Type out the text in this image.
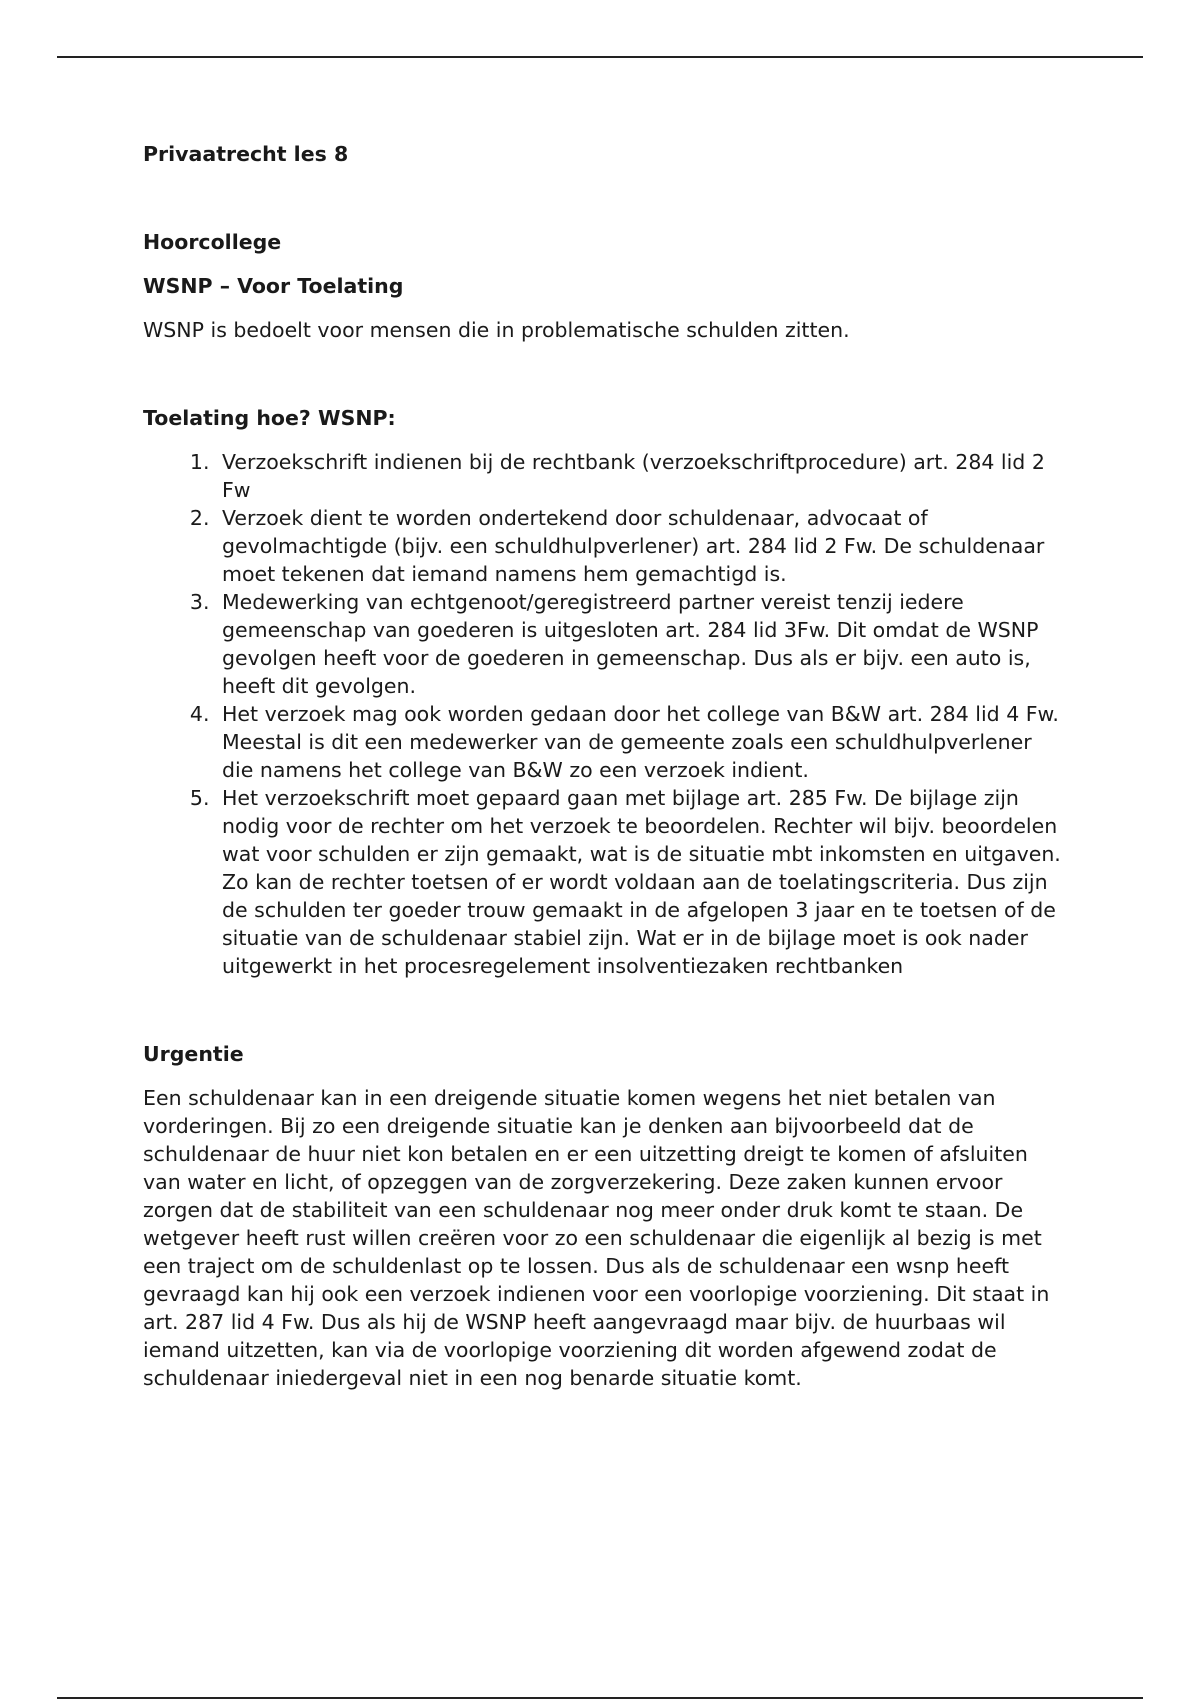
Privaatrecht les 8

Hoorcollege

WSNP – Voor Toelating

WSNP is bedoelt voor mensen die in problematische schulden zitten.

Toelating hoe? WSNP:

1. Verzoekschrift indienen bij de rechtbank (verzoekschriftprocedure) art. 284 lid 2 Fw
2. Verzoek dient te worden ondertekend door schuldenaar, advocaat of gevolmachtigde (bijv. een schuldhulpverlener) art. 284 lid 2 Fw. De schuldenaar moet tekenen dat iemand namens hem gemachtigd is.
3. Medewerking van echtgenoot/geregistreerd partner vereist tenzij iedere gemeenschap van goederen is uitgesloten art. 284 lid 3Fw. Dit omdat de WSNP gevolgen heeft voor de goederen in gemeenschap. Dus als er bijv. een auto is, heeft dit gevolgen.
4. Het verzoek mag ook worden gedaan door het college van B&W art. 284 lid 4 Fw. Meestal is dit een medewerker van de gemeente zoals een schuldhulpverlener die namens het college van B&W zo een verzoek indient.
5. Het verzoekschrift moet gepaard gaan met bijlage art. 285 Fw. De bijlage zijn nodig voor de rechter om het verzoek te beoordelen. Rechter wil bijv. beoordelen wat voor schulden er zijn gemaakt, wat is de situatie mbt inkomsten en uitgaven. Zo kan de rechter toetsen of er wordt voldaan aan de toelatingscriteria. Dus zijn de schulden ter goeder trouw gemaakt in de afgelopen 3 jaar en te toetsen of de situatie van de schuldenaar stabiel zijn. Wat er in de bijlage moet is ook nader uitgewerkt in het procesregelement insolventiezaken rechtbanken

Urgentie

Een schuldenaar kan in een dreigende situatie komen wegens het niet betalen van vorderingen. Bij zo een dreigende situatie kan je denken aan bijvoorbeeld dat de schuldenaar de huur niet kon betalen en er een uitzetting dreigt te komen of afsluiten van water en licht, of opzeggen van de zorgverzekering. Deze zaken kunnen ervoor zorgen dat de stabiliteit van een schuldenaar nog meer onder druk komt te staan. De wetgever heeft rust willen creëren voor zo een schuldenaar die eigenlijk al bezig is met een traject om de schuldenlast op te lossen. Dus als de schuldenaar een wsnp heeft gevraagd kan hij ook een verzoek indienen voor een voorlopige voorziening. Dit staat in art. 287 lid 4 Fw. Dus als hij de WSNP heeft aangevraagd maar bijv. de huurbaas wil iemand uitzetten, kan via de voorlopige voorziening dit worden afgewend zodat de schuldenaar iniedergeval niet in een nog benarde situatie komt.
